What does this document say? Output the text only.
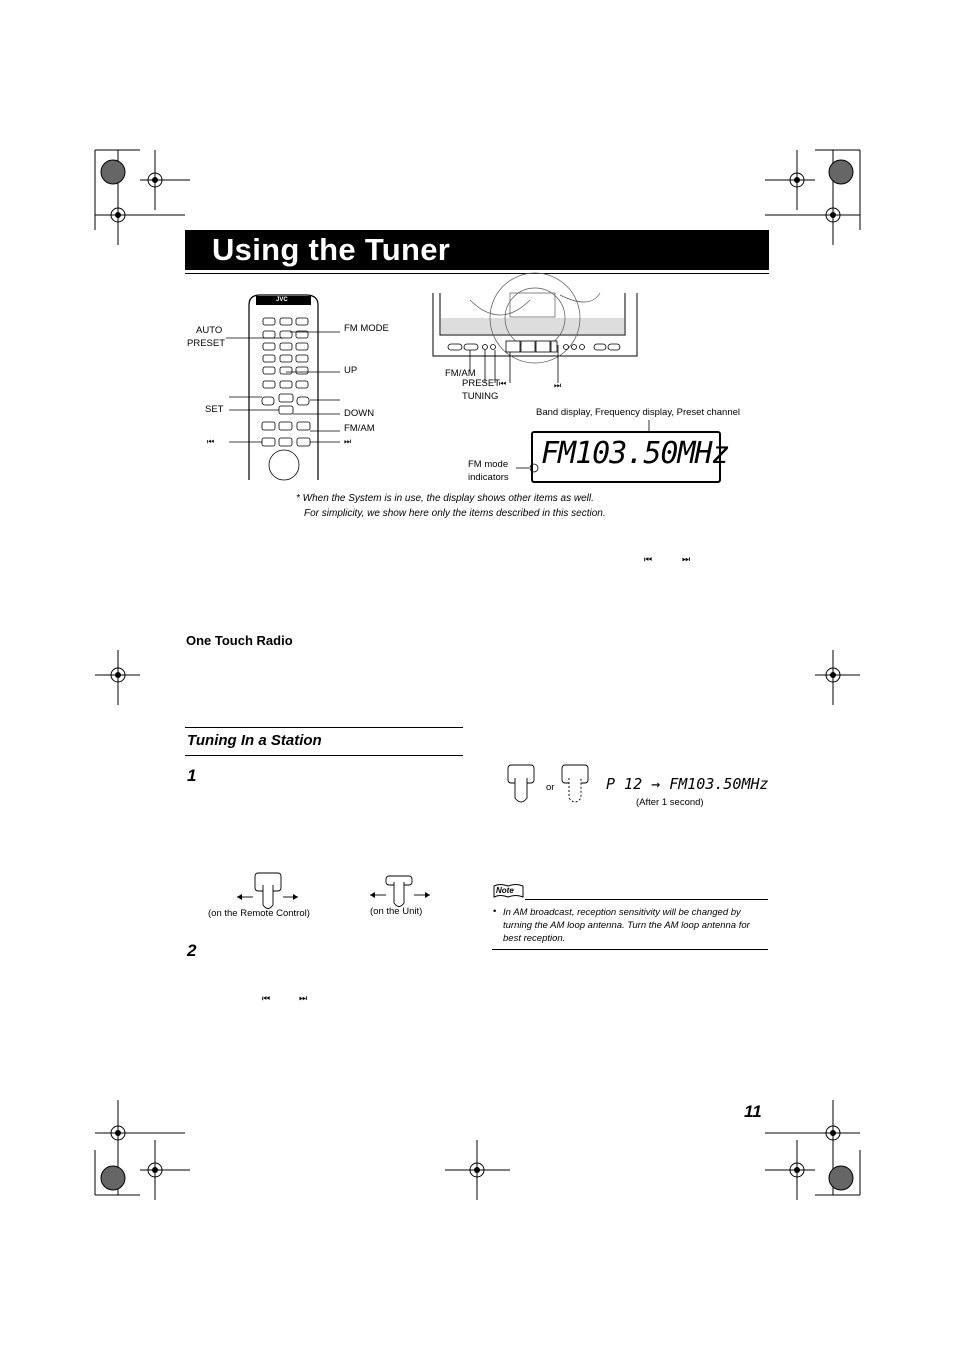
Using the Tuner
AUTO
PRESET
SET
⏮
FM MODE
UP
DOWN
FM/AM
⏭
JVC
FM/AM
PRESET
TUNING
⏮	⏭
Band display, Frequency display, Preset channel
FM103.50MHz
FM mode
indicators
* When the System is in use, the display shows other items as well.
For simplicity, we show here only the items described in this section.
⏮	⏭
One Touch Radio
Tuning In a Station
1
2
(on the Remote Control)	(on the Unit)
⏮	⏭
or	P 12 → FM103.50MHz
(After 1 second)
Note
• In AM broadcast, reception sensitivity will be changed by turning the AM loop antenna. Turn the AM loop antenna for best reception.
11
